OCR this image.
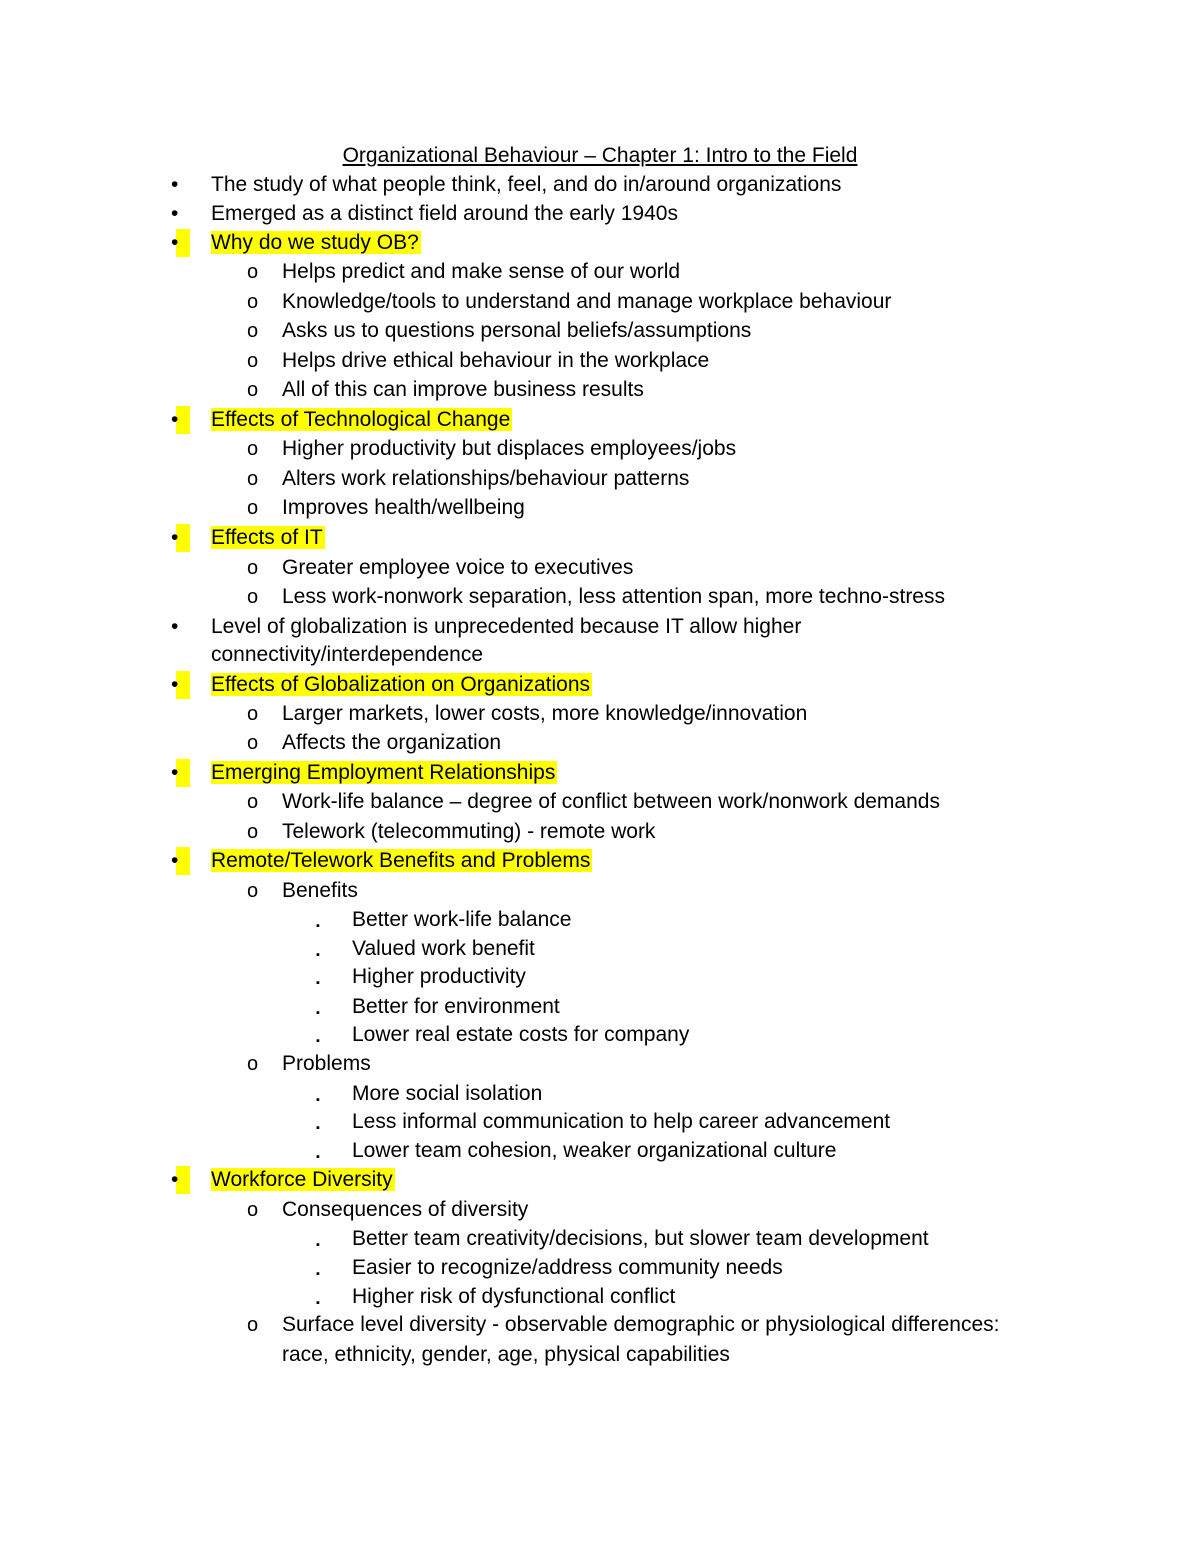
Organizational Behaviour – Chapter 1: Intro to the Field
• The study of what people think, feel, and do in/around organizations
• Emerged as a distinct field around the early 1940s
•	Why do we study OB?
o Helps predict and make sense of our world
o Knowledge/tools to understand and manage workplace behaviour
o Asks us to questions personal beliefs/assumptions
o Helps drive ethical behaviour in the workplace
o All of this can improve business results
•	Effects of Technological Change
o Higher productivity but displaces employees/jobs
o Alters work relationships/behaviour patterns
o Improves health/wellbeing
•	Effects of IT
o Greater employee voice to executives
o Less work-nonwork separation, less attention span, more techno-stress
• Level of globalization is unprecedented because IT allow higher
connectivity/interdependence
•	Effects of Globalization on Organizations
o Larger markets, lower costs, more knowledge/innovation
o Affects the organization
•	Emerging Employment Relationships
o Work-life balance – degree of conflict between work/nonwork demands
o Telework (telecommuting) - remote work
•	Remote/Telework Benefits and Problems
o Benefits
▪ Better work-life balance
▪ Valued work benefit
▪ Higher productivity
▪ Better for environment
▪ Lower real estate costs for company
o Problems
▪ More social isolation
▪ Less informal communication to help career advancement
▪ Lower team cohesion, weaker organizational culture
•	Workforce Diversity
o Consequences of diversity
▪ Better team creativity/decisions, but slower team development
▪ Easier to recognize/address community needs
▪ Higher risk of dysfunctional conflict
o Surface level diversity - observable demographic or physiological differences:
race, ethnicity, gender, age, physical capabilities
